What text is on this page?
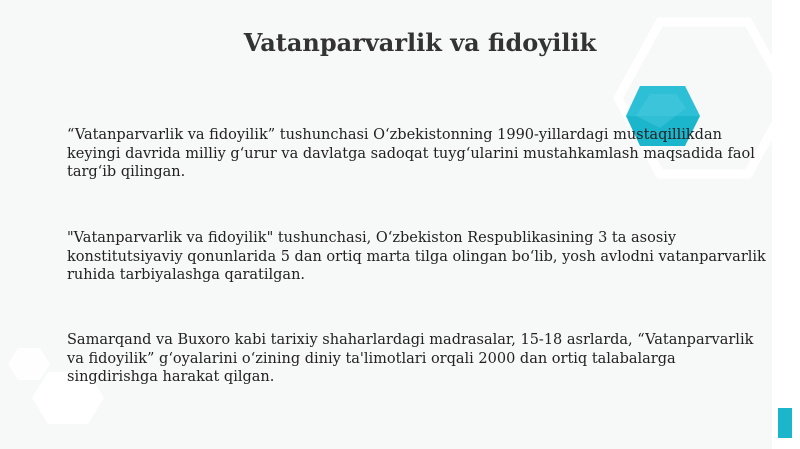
Vatanparvarlik va fidoyilik
“Vatanparvarlik va fidoyilik” tushunchasi O‘zbekistonning 1990-yillardagi mustaqillikdan keyingi davrida milliy g‘urur va davlatga sadoqat tuyg‘ularini mustahkamlash maqsadida faol targ‘ib qilingan.
"Vatanparvarlik va fidoyilik" tushunchasi, O‘zbekiston Respublikasining 3 ta asosiy konstitutsiyaviy qonunlarida 5 dan ortiq marta tilga olingan bo‘lib, yosh avlodni vatanparvarlik ruhida tarbiyalashga qaratilgan.
Samarqand va Buxoro kabi tarixiy shaharlardagi madrasalar, 15-18 asrlarda, “Vatanparvarlik va fidoyilik” g‘oyalarini o‘zining diniy ta'limotlari orqali 2000 dan ortiq talabalarga singdirishga harakat qilgan.
